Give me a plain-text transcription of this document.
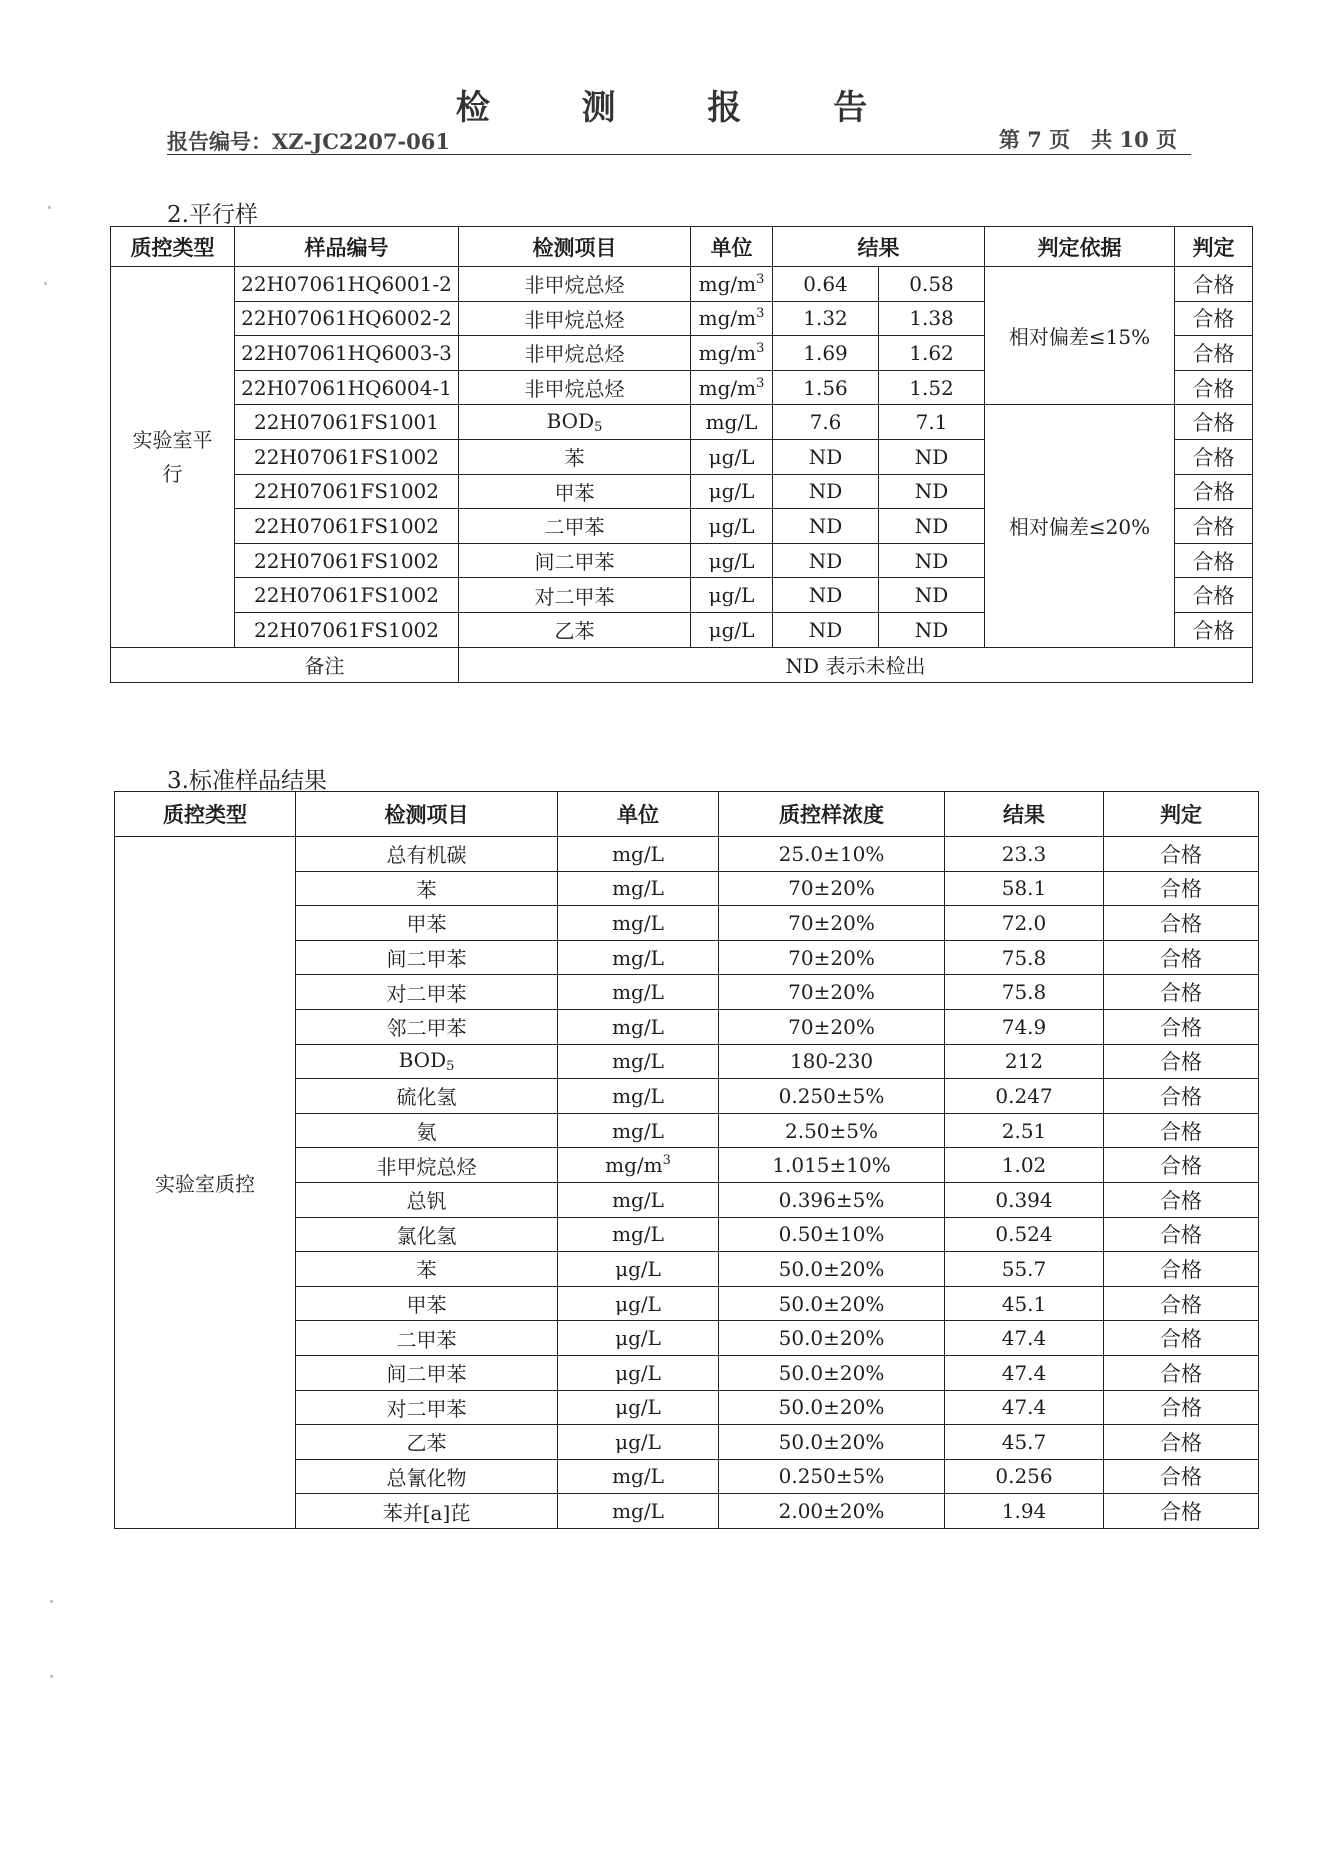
检 测 报 告
报告编号：XZ-JC2207-061	第 7 页　共 10 页
2.平行样
质控类型	样品编号	检测项目	单位	结果		判定依据	判定
实验室平行	22H07061HQ6001-2	非甲烷总烃	$mg/m^3$	0.64	0.58	相对偏差≤15%	合格
	22H07061HQ6002-2	非甲烷总烃	$mg/m^3$	1.32	1.38		合格
	22H07061HQ6003-3	非甲烷总烃	$mg/m^3$	1.69	1.62		合格
	22H07061HQ6004-1	非甲烷总烃	$mg/m^3$	1.56	1.52		合格
	22H07061FS1001	$BOD_5$	mg/L	7.6	7.1	相对偏差≤20%	合格
	22H07061FS1002	苯	μg/L	ND	ND		合格
	22H07061FS1002	甲苯	μg/L	ND	ND		合格
	22H07061FS1002	二甲苯	μg/L	ND	ND		合格
	22H07061FS1002	间二甲苯	μg/L	ND	ND		合格
	22H07061FS1002	对二甲苯	μg/L	ND	ND		合格
	22H07061FS1002	乙苯	μg/L	ND	ND		合格
备注		ND 表示未检出					
3.标准样品结果
质控类型	检测项目	单位	质控样浓度	结果	判定
实验室质控	总有机碳	mg/L	25.0±10%	23.3	合格
	苯	mg/L	70±20%	58.1	合格
	甲苯	mg/L	70±20%	72.0	合格
	间二甲苯	mg/L	70±20%	75.8	合格
	对二甲苯	mg/L	70±20%	75.8	合格
	邻二甲苯	mg/L	70±20%	74.9	合格
	$BOD_5$	mg/L	180-230	212	合格
	硫化氢	mg/L	0.250±5%	0.247	合格
	氨	mg/L	2.50±5%	2.51	合格
	非甲烷总烃	$mg/m^3$	1.015±10%	1.02	合格
	总钒	mg/L	0.396±5%	0.394	合格
	氯化氢	mg/L	0.50±10%	0.524	合格
	苯	μg/L	50.0±20%	55.7	合格
	甲苯	μg/L	50.0±20%	45.1	合格
	二甲苯	μg/L	50.0±20%	47.4	合格
	间二甲苯	μg/L	50.0±20%	47.4	合格
	对二甲苯	μg/L	50.0±20%	47.4	合格
	乙苯	μg/L	50.0±20%	45.7	合格
	总氰化物	mg/L	0.250±5%	0.256	合格
	苯并[a]芘	mg/L	2.00±20%	1.94	合格
